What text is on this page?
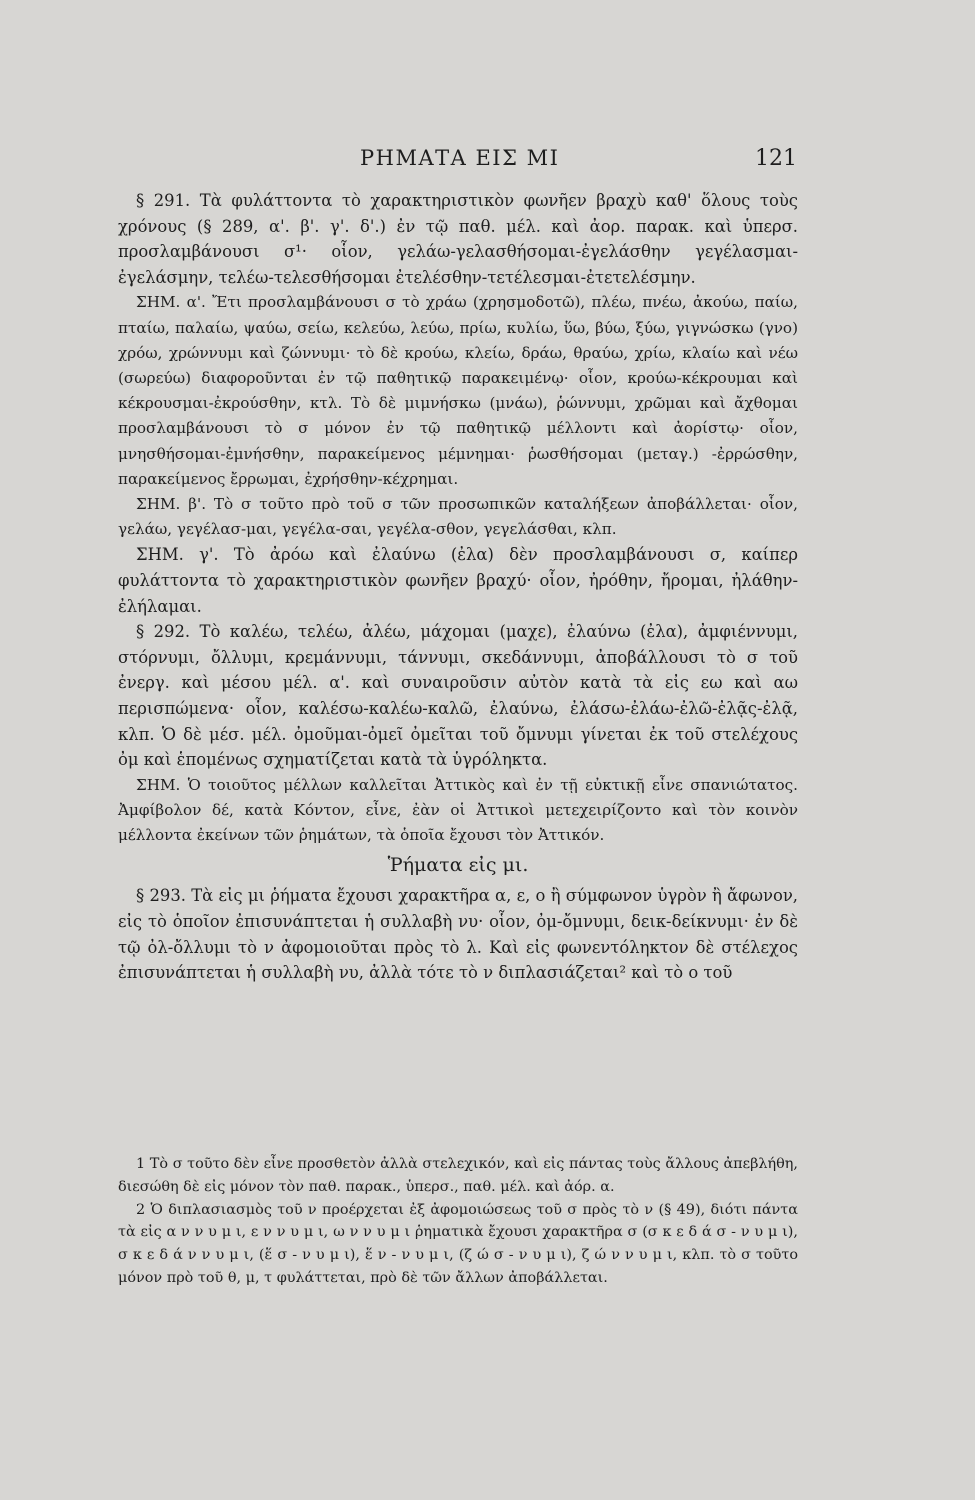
ΡΗΜΑΤΑ ΕΙΣ ΜΙ	121

§ 291. Τὰ φυλάττοντα τὸ χαρακτηριστικὸν φωνῆεν βραχὺ καθ' ὅλους τοὺς χρόνους (§ 289, α'. β'. γ'. δ'.) ἐν τῷ παθ. μέλ. καὶ ἀορ. παρακ. καὶ ὑπερσ. προσλαμβάνουσι σ¹· οἷον, γελάω-γελασθήσομαι-ἐγελάσθην γεγέλασμαι-ἐγελάσμην, τελέω-τελεσθήσομαι ἐτελέσθην-τετέλεσμαι-ἐτετελέσμην.

ΣΗΜ. α'. Ἔτι προσλαμβάνουσι σ τὸ χράω (χρησμοδοτῶ), πλέω, πνέω, ἀκούω, παίω, πταίω, παλαίω, ψαύω, σείω, κελεύω, λεύω, πρίω, κυλίω, ὕω, βύω, ξύω, γιγνώσκω (γνο) χρόω, χρώννυμι καὶ ζώννυμι· τὸ δὲ κρούω, κλείω, δράω, θραύω, χρίω, κλαίω καὶ νέω (σωρεύω) διαφοροῦνται ἐν τῷ παθητικῷ παρακειμένῳ· οἷον, κρούω-κέκρουμαι καὶ κέκρουσμαι-ἐκρούσθην, κτλ. Τὸ δὲ μιμνήσκω (μνάω), ῥώννυμι, χρῶμαι καὶ ἄχθομαι προσλαμβάνουσι τὸ σ μόνον ἐν τῷ παθητικῷ μέλλοντι καὶ ἀορίστῳ· οἷον, μνησθήσομαι-ἐμνήσθην, παρακείμενος μέμνημαι· ῥωσθήσομαι (μεταγ.) -ἐρρώσθην, παρακείμενος ἔρρωμαι, ἐχρήσθην-κέχρημαι.

ΣΗΜ. β'. Τὸ σ τοῦτο πρὸ τοῦ σ τῶν προσωπικῶν καταλήξεων ἀποβάλλεται· οἷον, γελάω, γεγέλασ-μαι, γεγέλα-σαι, γεγέλα-σθον, γεγελάσθαι, κλπ.

ΣΗΜ. γ'. Τὸ ἀρόω καὶ ἐλαύνω (ἐλα) δὲν προσλαμβάνουσι σ, καίπερ φυλάττοντα τὸ χαρακτηριστικὸν φωνῆεν βραχύ· οἷον, ἠρόθην, ἤρομαι, ἠλάθην-ἐλήλαμαι.

§ 292. Τὸ καλέω, τελέω, ἀλέω, μάχομαι (μαχε), ἐλαύνω (ἐλα), ἀμφιέννυμι, στόρνυμι, ὄλλυμι, κρεμάννυμι, τάννυμι, σκεδάννυμι, ἀποβάλλουσι τὸ σ τοῦ ἐνεργ. καὶ μέσου μέλ. α'. καὶ συναιροῦσιν αὐτὸν κατὰ τὰ εἰς εω καὶ αω περισπώμενα· οἷον, καλέσω-καλέω-καλῶ, ἐλαύνω, ἐλάσω-ἐλάω-ἐλῶ-ἐλᾷς-ἐλᾷ, κλπ. Ὁ δὲ μέσ. μέλ. ὀμοῦμαι-ὀμεῖ ὀμεῖται τοῦ ὄμνυμι γίνεται ἐκ τοῦ στελέχους ὀμ καὶ ἑπομένως σχηματίζεται κατὰ τὰ ὑγρόληκτα.

ΣΗΜ. Ὁ τοιοῦτος μέλλων καλλεῖται Ἀττικὸς καὶ ἐν τῇ εὐκτικῇ εἶνε σπανιώτατος. Ἀμφίβολον δέ, κατὰ Κόντον, εἶνε, ἐὰν οἱ Ἀττικοὶ μετεχειρίζοντο καὶ τὸν κοινὸν μέλλοντα ἐκείνων τῶν ῥημάτων, τὰ ὁποῖα ἔχουσι τὸν Ἀττικόν.

Ῥήματα εἰς μι.

§ 293. Τὰ εἰς μι ῥήματα ἔχουσι χαρακτῆρα α, ε, ο ἢ σύμφωνον ὑγρὸν ἢ ἄφωνον, εἰς τὸ ὁποῖον ἐπισυνάπτεται ἡ συλλαβὴ νυ· οἷον, ὀμ-ὄμνυμι, δεικ-δείκνυμι· ἐν δὲ τῷ ὀλ-ὄλλυμι τὸ ν ἀφομοιοῦται πρὸς τὸ λ. Καὶ εἰς φωνεντόληκτον δὲ στέλεχος ἐπισυνάπτεται ἡ συλλαβὴ νυ, ἀλλὰ τότε τὸ ν διπλασιάζεται² καὶ τὸ ο τοῦ

1 Τὸ σ τοῦτο δὲν εἶνε προσθετὸν ἀλλὰ στελεχικόν, καὶ εἰς πάντας τοὺς ἄλλους ἀπεβλήθη, διεσώθη δὲ εἰς μόνον τὸν παθ. παρακ., ὑπερσ., παθ. μέλ. καὶ ἀόρ. α.

2 Ὁ διπλασιασμὸς τοῦ ν προέρχεται ἐξ ἀφομοιώσεως τοῦ σ πρὸς τὸ ν (§ 49), διότι πάντα τὰ εἰς α ν ν υ μ ι, ε ν ν υ μ ι, ω ν ν υ μ ι ῥηματικὰ ἔχουσι χαρακτῆρα σ (σ κ ε δ ά σ - ν υ μ ι), σ κ ε δ ά ν ν υ μ ι, (ἕ σ - ν υ μ ι), ἕ ν - ν υ μ ι, (ζ ώ σ - ν υ μ ι), ζ ώ ν ν υ μ ι, κλπ. τὸ σ τοῦτο μόνον πρὸ τοῦ θ, μ, τ φυλάττεται, πρὸ δὲ τῶν ἄλλων ἀποβάλλεται.
